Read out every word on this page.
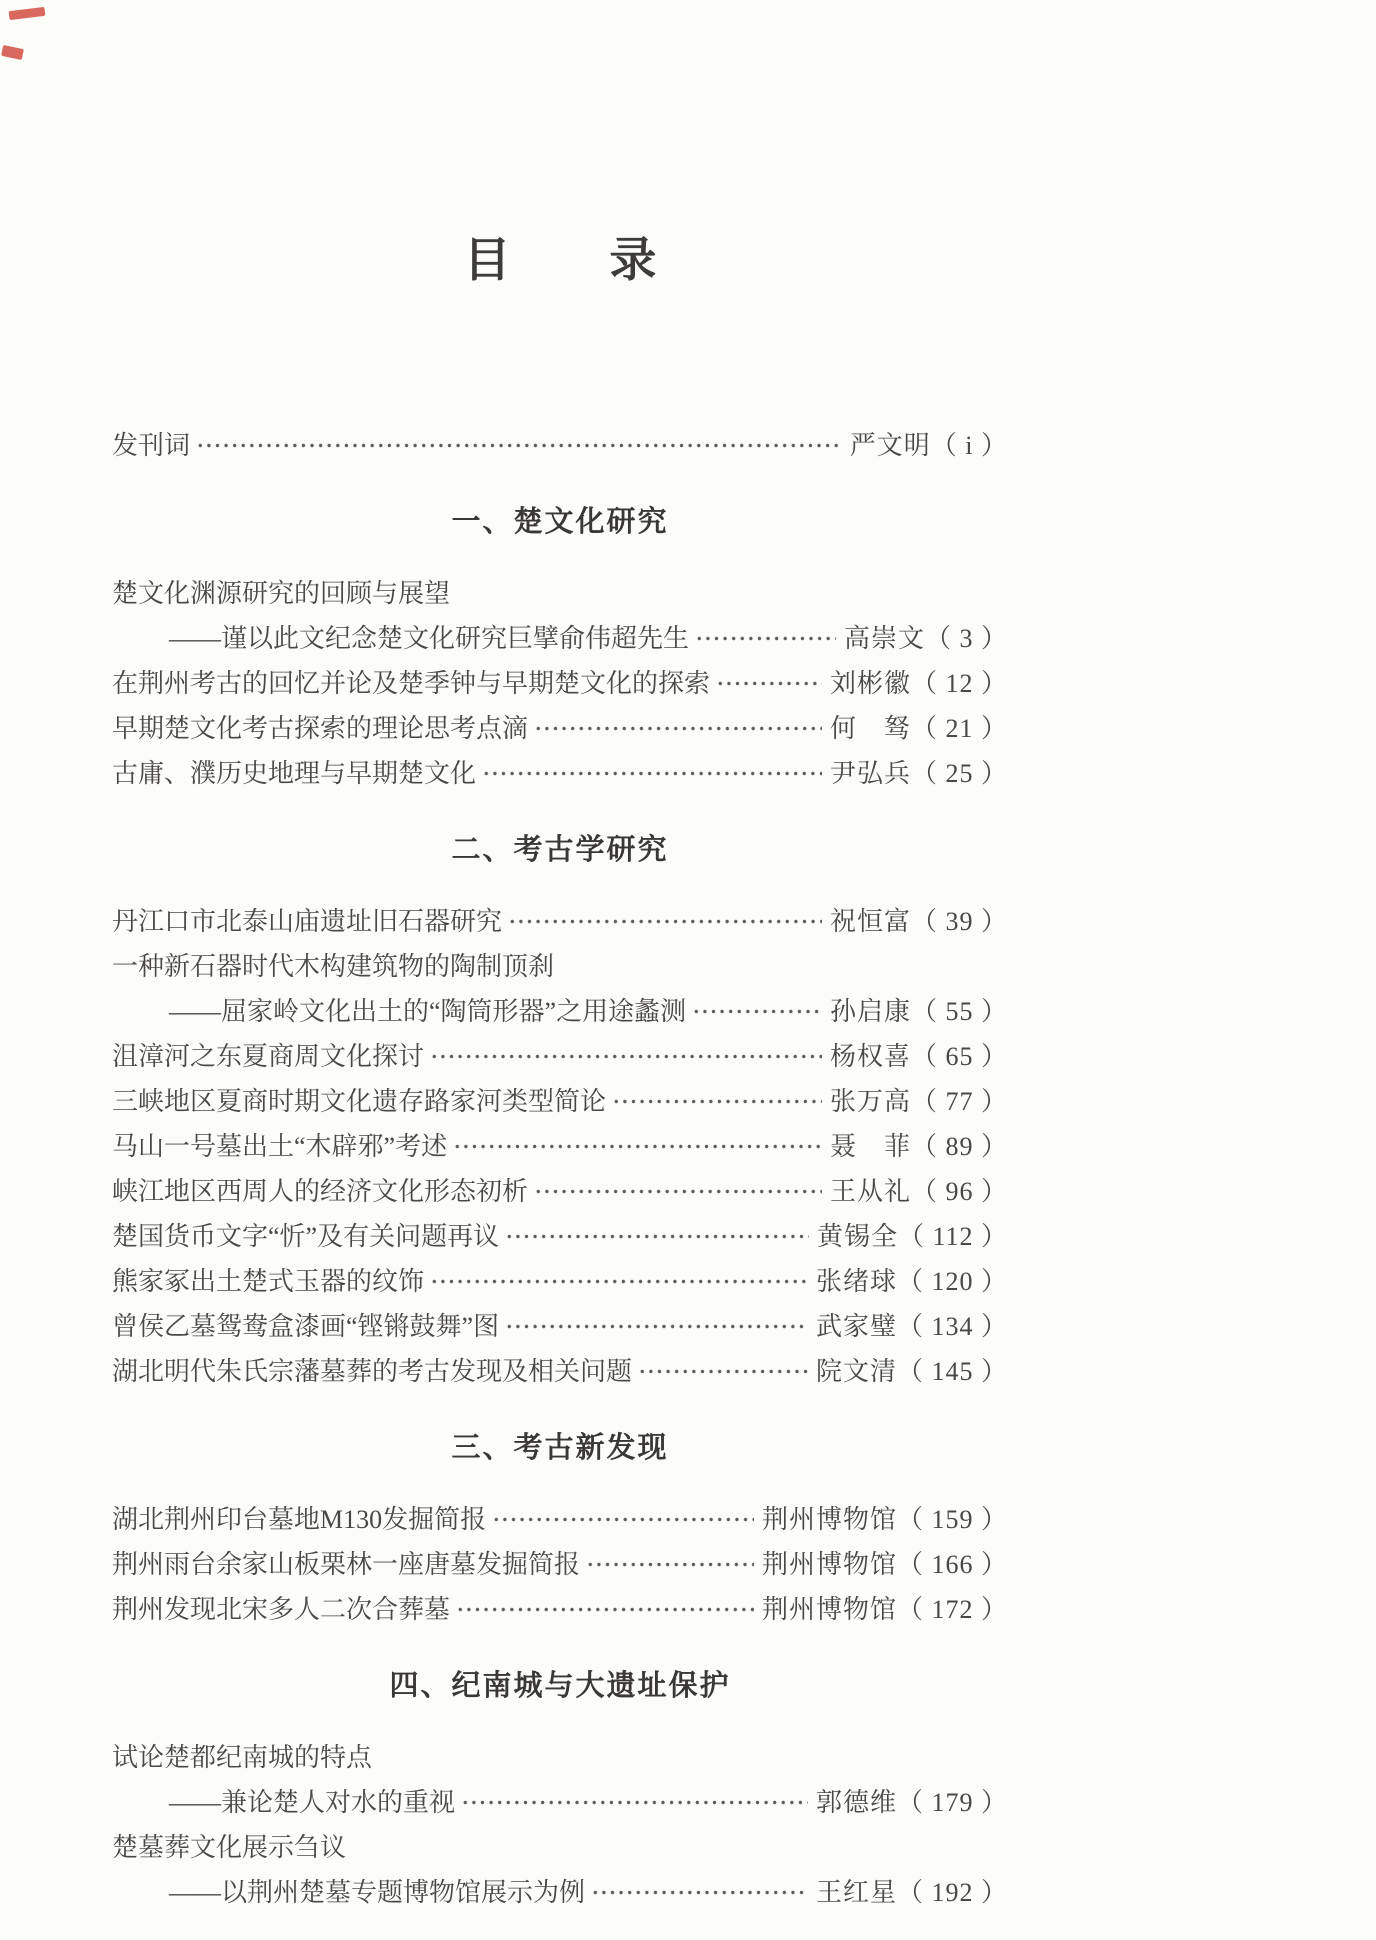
目　录
发刊词	严文明（ i ）
一、楚文化研究
楚文化渊源研究的回顾与展望
——谨以此文纪念楚文化研究巨擘俞伟超先生	高崇文（ 3 ）
在荆州考古的回忆并论及楚季钟与早期楚文化的探索	刘彬徽（ 12 ）
早期楚文化考古探索的理论思考点滴	何　驽（ 21 ）
古庸、濮历史地理与早期楚文化	尹弘兵（ 25 ）
二、考古学研究
丹江口市北泰山庙遗址旧石器研究	祝恒富（ 39 ）
一种新石器时代木构建筑物的陶制顶刹
——屈家岭文化出土的“陶筒形器”之用途蠡测	孙启康（ 55 ）
沮漳河之东夏商周文化探讨	杨权喜（ 65 ）
三峡地区夏商时期文化遗存路家河类型简论	张万高（ 77 ）
马山一号墓出土“木辟邪”考述	聂　菲（ 89 ）
峡江地区西周人的经济文化形态初析	王从礼（ 96 ）
楚国货币文字“忻”及有关问题再议	黄锡全（ 112 ）
熊家冢出土楚式玉器的纹饰	张绪球（ 120 ）
曾侯乙墓鸳鸯盒漆画“铿锵鼓舞”图	武家璧（ 134 ）
湖北明代朱氏宗藩墓葬的考古发现及相关问题	院文清（ 145 ）
三、考古新发现
湖北荆州印台墓地M130发掘简报	荆州博物馆（ 159 ）
荆州雨台余家山板栗林一座唐墓发掘简报	荆州博物馆（ 166 ）
荆州发现北宋多人二次合葬墓	荆州博物馆（ 172 ）
四、纪南城与大遗址保护
试论楚都纪南城的特点
——兼论楚人对水的重视	郭德维（ 179 ）
楚墓葬文化展示刍议
——以荆州楚墓专题博物馆展示为例	王红星（ 192 ）
